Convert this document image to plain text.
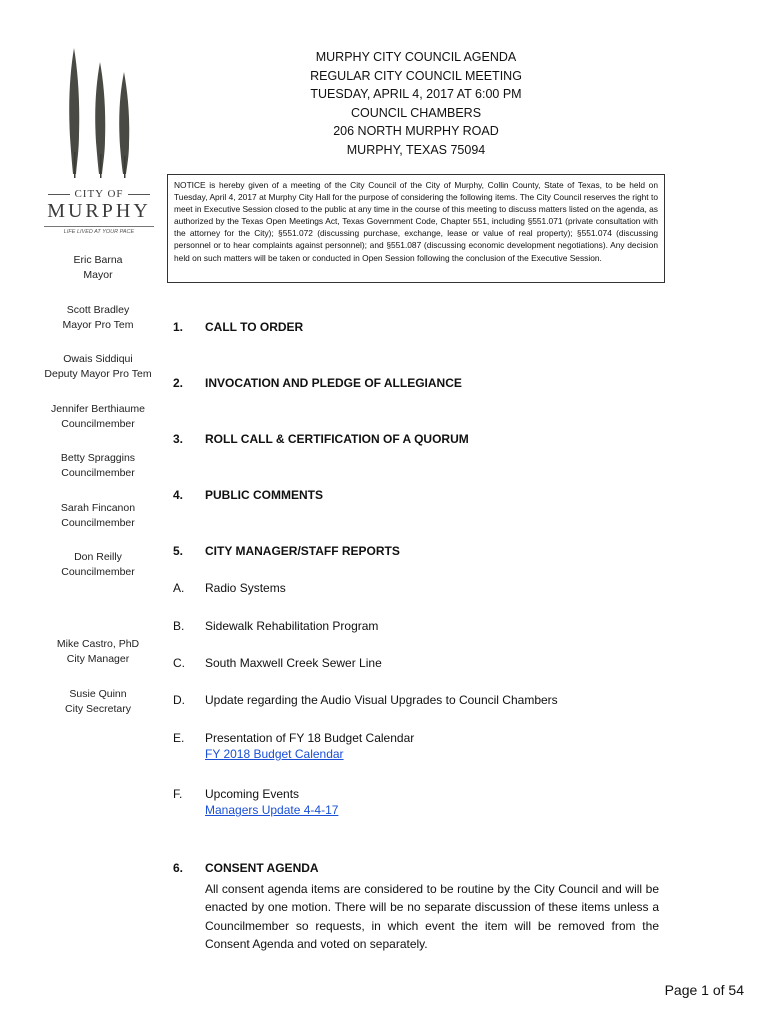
CITY OF
MURPHY
LIFE LIVED AT YOUR PACE
Eric Barna
Mayor
Scott Bradley
Mayor Pro Tem
Owais Siddiqui
Deputy Mayor Pro Tem
Jennifer Berthiaume
Councilmember
Betty Spraggins
Councilmember
Sarah Fincanon
Councilmember
Don Reilly
Councilmember
Mike Castro, PhD
City Manager
Susie Quinn
City Secretary
MURPHY CITY COUNCIL AGENDA
REGULAR CITY COUNCIL MEETING
TUESDAY, APRIL 4, 2017 AT 6:00 PM
COUNCIL CHAMBERS
206 NORTH MURPHY ROAD
MURPHY, TEXAS 75094
NOTICE is hereby given of a meeting of the City Council of the City of Murphy, Collin County, State of Texas, to be held on Tuesday, April 4, 2017 at Murphy City Hall for the purpose of considering the following items. The City Council reserves the right to meet in Executive Session closed to the public at any time in the course of this meeting to discuss matters listed on the agenda, as authorized by the Texas Open Meetings Act, Texas Government Code, Chapter 551, including §551.071 (private consultation with the attorney for the City); §551.072 (discussing purchase, exchange, lease or value of real property); §551.074 (discussing personnel or to hear complaints against personnel); and §551.087 (discussing economic development negotiations). Any decision held on such matters will be taken or conducted in Open Session following the conclusion of the Executive Session.
1.	CALL TO ORDER
2.	INVOCATION AND PLEDGE OF ALLEGIANCE
3.	ROLL CALL & CERTIFICATION OF A QUORUM
4.	PUBLIC COMMENTS
5.	CITY MANAGER/STAFF REPORTS
A.	Radio Systems
B.	Sidewalk Rehabilitation Program
C.	South Maxwell Creek Sewer Line
D.	Update regarding the Audio Visual Upgrades to Council Chambers
E.	Presentation of FY 18 Budget Calendar
FY 2018 Budget Calendar
F.	Upcoming Events
Managers Update 4-4-17
6.	CONSENT AGENDA
All consent agenda items are considered to be routine by the City Council and will be enacted by one motion. There will be no separate discussion of these items unless a Councilmember so requests, in which event the item will be removed from the Consent Agenda and voted on separately.
Page 1 of 54
